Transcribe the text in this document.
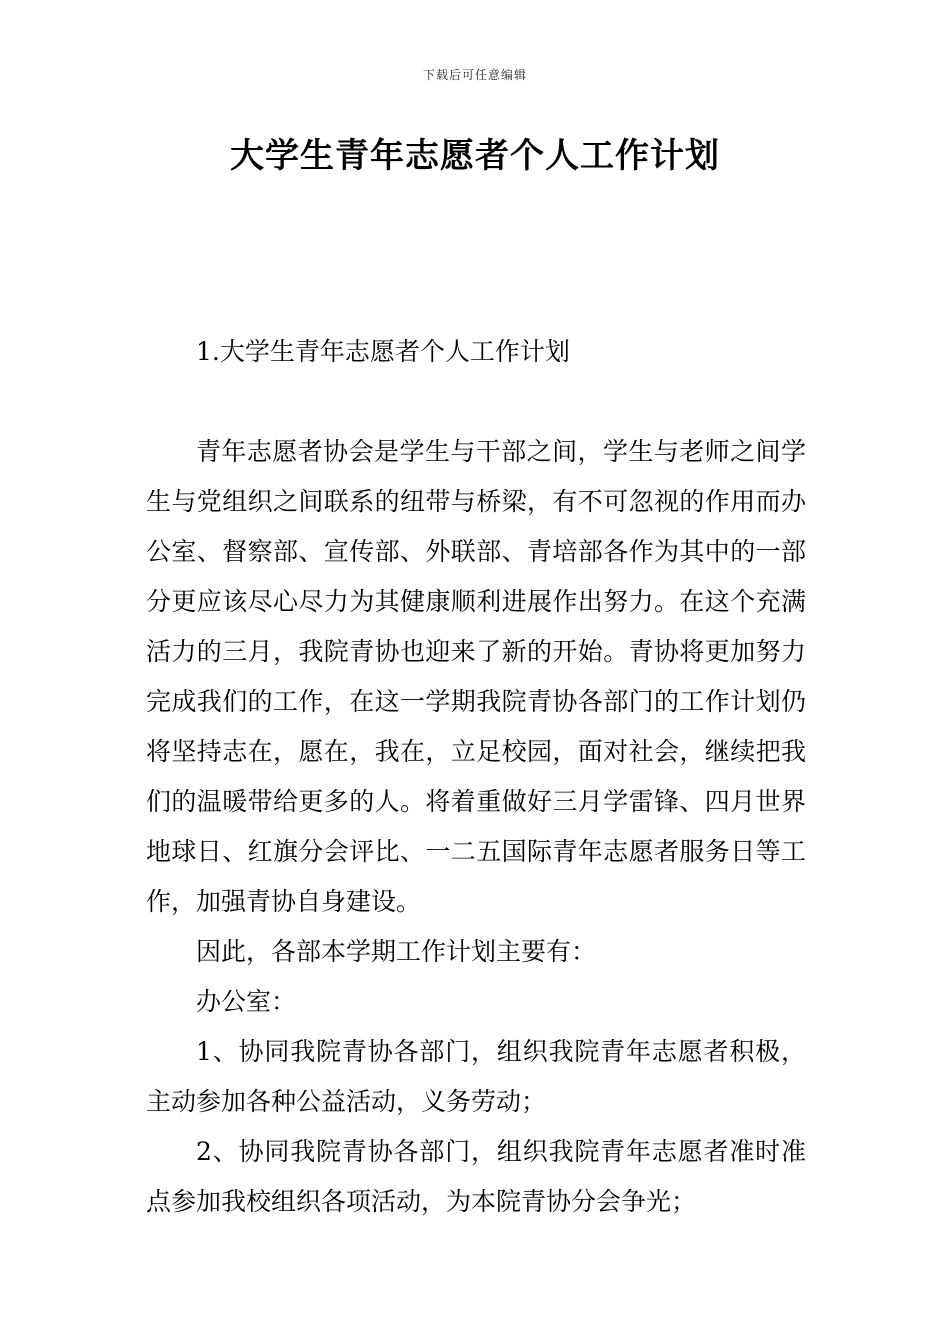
下载后可任意编辑
大学生青年志愿者个人工作计划

1.大学生青年志愿者个人工作计划

青年志愿者协会是学生与干部之间，学生与老师之间学生与党组织之间联系的纽带与桥梁，有不可忽视的作用而办公室、督察部、宣传部、外联部、青培部各作为其中的一部分更应该尽心尽力为其健康顺利进展作出努力。在这个充满活力的三月，我院青协也迎来了新的开始。青协将更加努力完成我们的工作，在这一学期我院青协各部门的工作计划仍将坚持志在，愿在，我在，立足校园，面对社会，继续把我们的温暖带给更多的人。将着重做好三月学雷锋、四月世界地球日、红旗分会评比、一二五国际青年志愿者服务日等工作，加强青协自身建设。

因此，各部本学期工作计划主要有：

办公室：

1、协同我院青协各部门，组织我院青年志愿者积极，主动参加各种公益活动，义务劳动；

2、协同我院青协各部门，组织我院青年志愿者准时准点参加我校组织各项活动，为本院青协分会争光；
